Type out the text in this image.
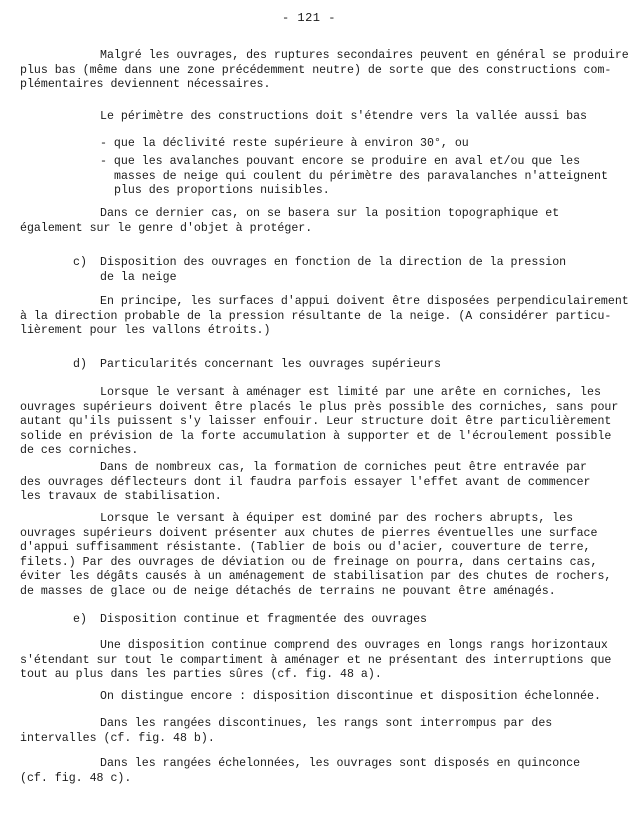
- 121 -
Malgré les ouvrages, des ruptures secondaires peuvent en général se produire
plus bas (même dans une zone précédemment neutre) de sorte que des constructions com-
plémentaires deviennent nécessaires.
Le périmètre des constructions doit s'étendre vers la vallée aussi bas
- que la déclivité reste supérieure à environ 30°, ou
- que les avalanches pouvant encore se produire en aval et/ou que les
masses de neige qui coulent du périmètre des paravalanches n'atteignent
plus des proportions nuisibles.
Dans ce dernier cas, on se basera sur la position topographique et
également sur le genre d'objet à protéger.
c) Disposition des ouvrages en fonction de la direction de la pression
de la neige
En principe, les surfaces d'appui doivent être disposées perpendiculairement
à la direction probable de la pression résultante de la neige. (A considérer particu-
lièrement pour les vallons étroits.)
d) Particularités concernant les ouvrages supérieurs
Lorsque le versant à aménager est limité par une arête en corniches, les
ouvrages supérieurs doivent être placés le plus près possible des corniches, sans pour
autant qu'ils puissent s'y laisser enfouir. Leur structure doit être particulièrement
solide en prévision de la forte accumulation à supporter et de l'écroulement possible
de ces corniches.
Dans de nombreux cas, la formation de corniches peut être entravée par
des ouvrages déflecteurs dont il faudra parfois essayer l'effet avant de commencer
les travaux de stabilisation.
Lorsque le versant à équiper est dominé par des rochers abrupts, les
ouvrages supérieurs doivent présenter aux chutes de pierres éventuelles une surface
d'appui suffisamment résistante. (Tablier de bois ou d'acier, couverture de terre,
filets.) Par des ouvrages de déviation ou de freinage on pourra, dans certains cas,
éviter les dégâts causés à un aménagement de stabilisation par des chutes de rochers,
de masses de glace ou de neige détachés de terrains ne pouvant être aménagés.
e) Disposition continue et fragmentée des ouvrages
Une disposition continue comprend des ouvrages en longs rangs horizontaux
s'étendant sur tout le compartiment à aménager et ne présentant des interruptions que
tout au plus dans les parties sûres (cf. fig. 48 a).
On distingue encore : disposition discontinue et disposition échelonnée.
Dans les rangées discontinues, les rangs sont interrompus par des
intervalles (cf. fig. 48 b).
Dans les rangées échelonnées, les ouvrages sont disposés en quinconce
(cf. fig. 48 c).
